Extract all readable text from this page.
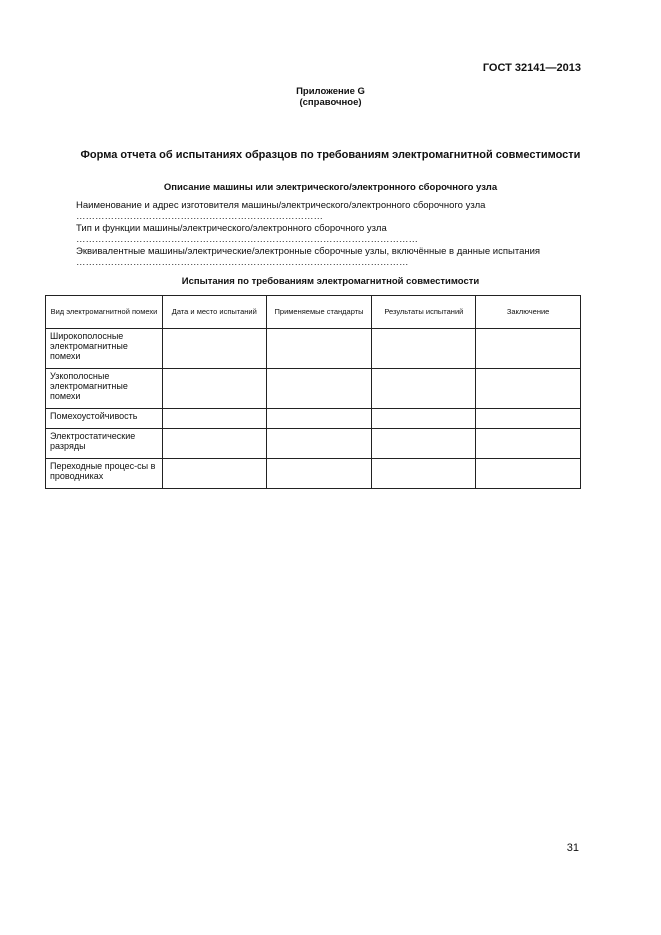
ГОСТ 32141—2013
Приложение G
(справочное)
Форма отчета об испытаниях образцов по требованиям электромагнитной совместимости
Описание машины или электрического/электронного сборочного узла
Наименование и адрес изготовителя машины/электрического/электронного сборочного узла
……………………………………………………………………
Тип и функции машины/электрического/электронного сборочного узла
………………………………………………………………………………………………
Эквивалентные машины/электрические/электронные сборочные узлы, включённые в данные испытания
……………………………………………………………………………………………
Испытания по требованиям электромагнитной совместимости
Вид электромагнитной помехи	Дата и место испытаний	Применяемые стандарты	Результаты испытаний	Заключение
Широкополосные электромагнитные помехи				
Узкополосные электромагнитные помехи				
Помехоустойчивость				
Электростатические разряды				
Переходные процес-сы в проводниках				
31
